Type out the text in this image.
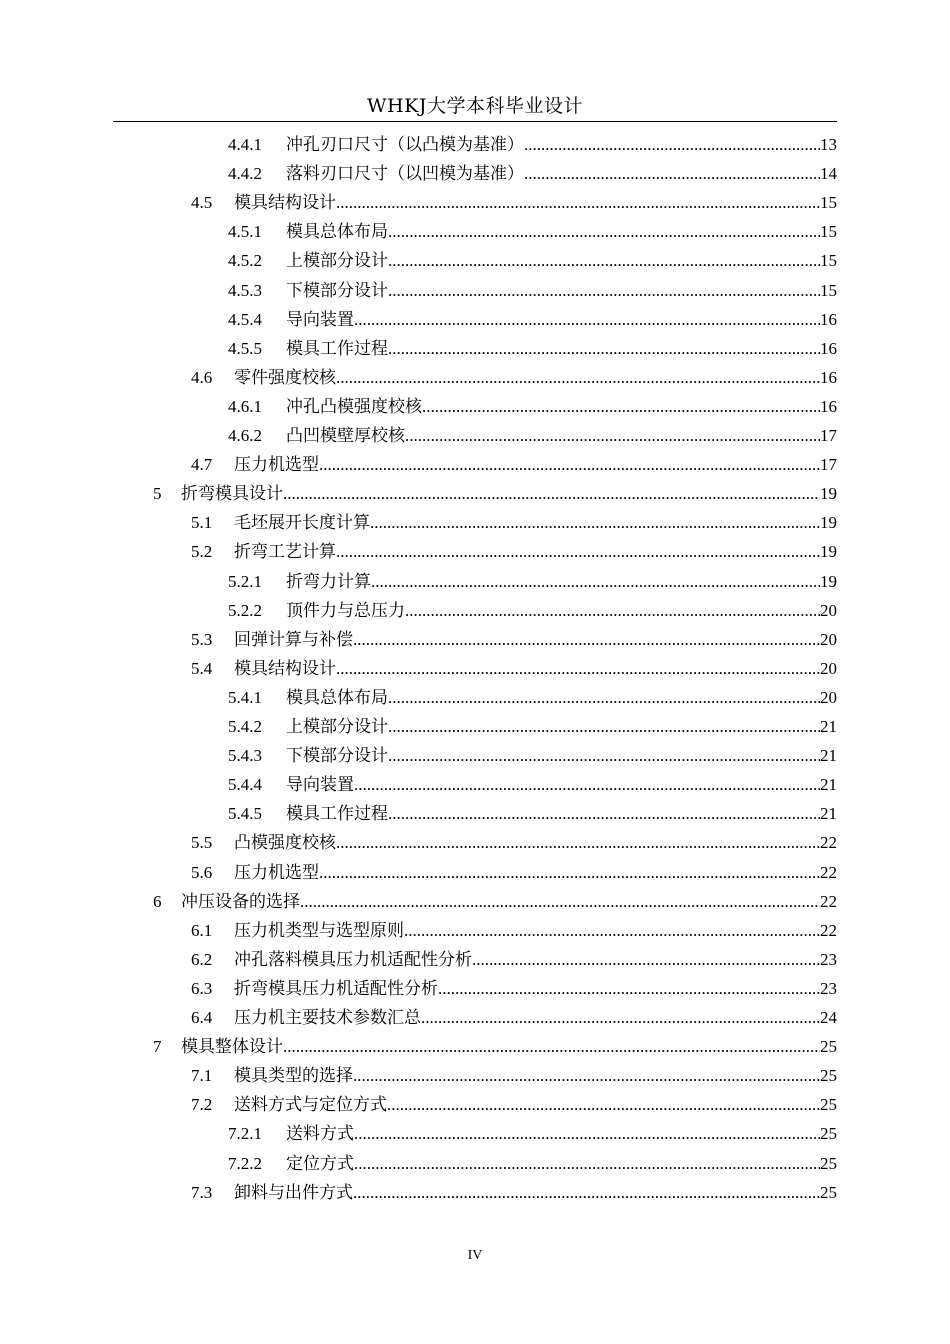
WHKJ大学本科毕业设计
4.4.1	冲孔刃口尺寸（以凸模为基准） .....	13
4.4.2	落料刃口尺寸（以凹模为基准） .....	14
4.5	模具结构设计 .....	15
4.5.1	模具总体布局 .....	15
4.5.2	上模部分设计 .....	15
4.5.3	下模部分设计 .....	15
4.5.4	导向装置 .....	16
4.5.5	模具工作过程 .....	16
4.6	零件强度校核 .....	16
4.6.1	冲孔凸模强度校核 .....	16
4.6.2	凸凹模壁厚校核 .....	17
4.7	压力机选型 .....	17
5	折弯模具设计 .....	19
5.1	毛坯展开长度计算 .....	19
5.2	折弯工艺计算 .....	19
5.2.1	折弯力计算 .....	19
5.2.2	顶件力与总压力 .....	20
5.3	回弹计算与补偿 .....	20
5.4	模具结构设计 .....	20
5.4.1	模具总体布局 .....	20
5.4.2	上模部分设计 .....	21
5.4.3	下模部分设计 .....	21
5.4.4	导向装置 .....	21
5.4.5	模具工作过程 .....	21
5.5	凸模强度校核 .....	22
5.6	压力机选型 .....	22
6	冲压设备的选择 .....	22
6.1	压力机类型与选型原则 .....	22
6.2	冲孔落料模具压力机适配性分析 .....	23
6.3	折弯模具压力机适配性分析 .....	23
6.4	压力机主要技术参数汇总 .....	24
7	模具整体设计 .....	25
7.1	模具类型的选择 .....	25
7.2	送料方式与定位方式 .....	25
7.2.1	送料方式 .....	25
7.2.2	定位方式 .....	25
7.3	卸料与出件方式 .....	25
IV
